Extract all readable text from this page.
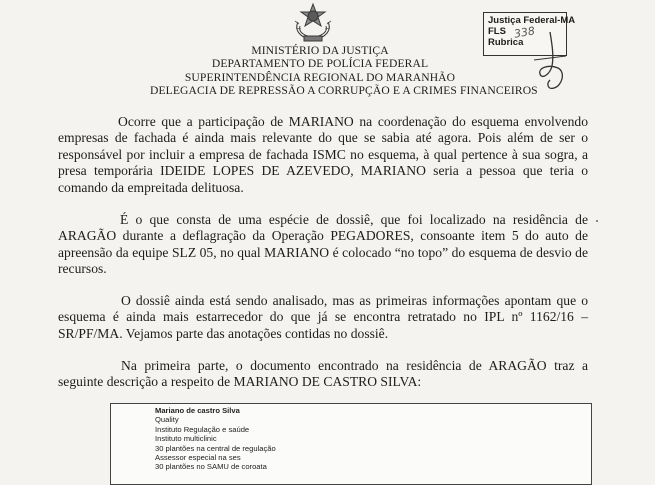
Justiça Federal-MA
FLS
Rubrica
338
MINISTÉRIO DA JUSTIÇA
DEPARTAMENTO DE POLÍCIA FEDERAL
SUPERINTENDÊNCIA REGIONAL DO MARANHÃO
DELEGACIA DE REPRESSÃO A CORRUPÇÃO E A CRIMES FINANCEIROS
Ocorre que a participação de MARIANO na coordenação do esquema envolvendo empresas de fachada é ainda mais relevante do que se sabia até agora. Pois além de ser o responsável por incluir a empresa de fachada ISMC no esquema, à qual pertence à sua sogra, a presa temporária IDEIDE LOPES DE AZEVEDO, MARIANO seria a pessoa que teria o comando da empreitada delituosa.
É o que consta de uma espécie de dossiê, que foi localizado na residência de ARAGÃO durante a deflagração da Operação PEGADORES, consoante item 5 do auto de apreensão da equipe SLZ 05, no qual MARIANO é colocado “no topo” do esquema de desvio de recursos.
O dossiê ainda está sendo analisado, mas as primeiras informações apontam que o esquema é ainda mais estarrecedor do que já se encontra retratado no IPL nº 1162/16 – SR/PF/MA. Vejamos parte das anotações contidas no dossiê.
Na primeira parte, o documento encontrado na residência de ARAGÃO traz a seguinte descrição a respeito de MARIANO DE CASTRO SILVA:
Mariano de castro Silva
Quality
Instituto Regulação e saúde
Instituto multiclinic
30 plantões na central de regulação
Assessor especial na ses
30 plantões no SAMU de coroata
